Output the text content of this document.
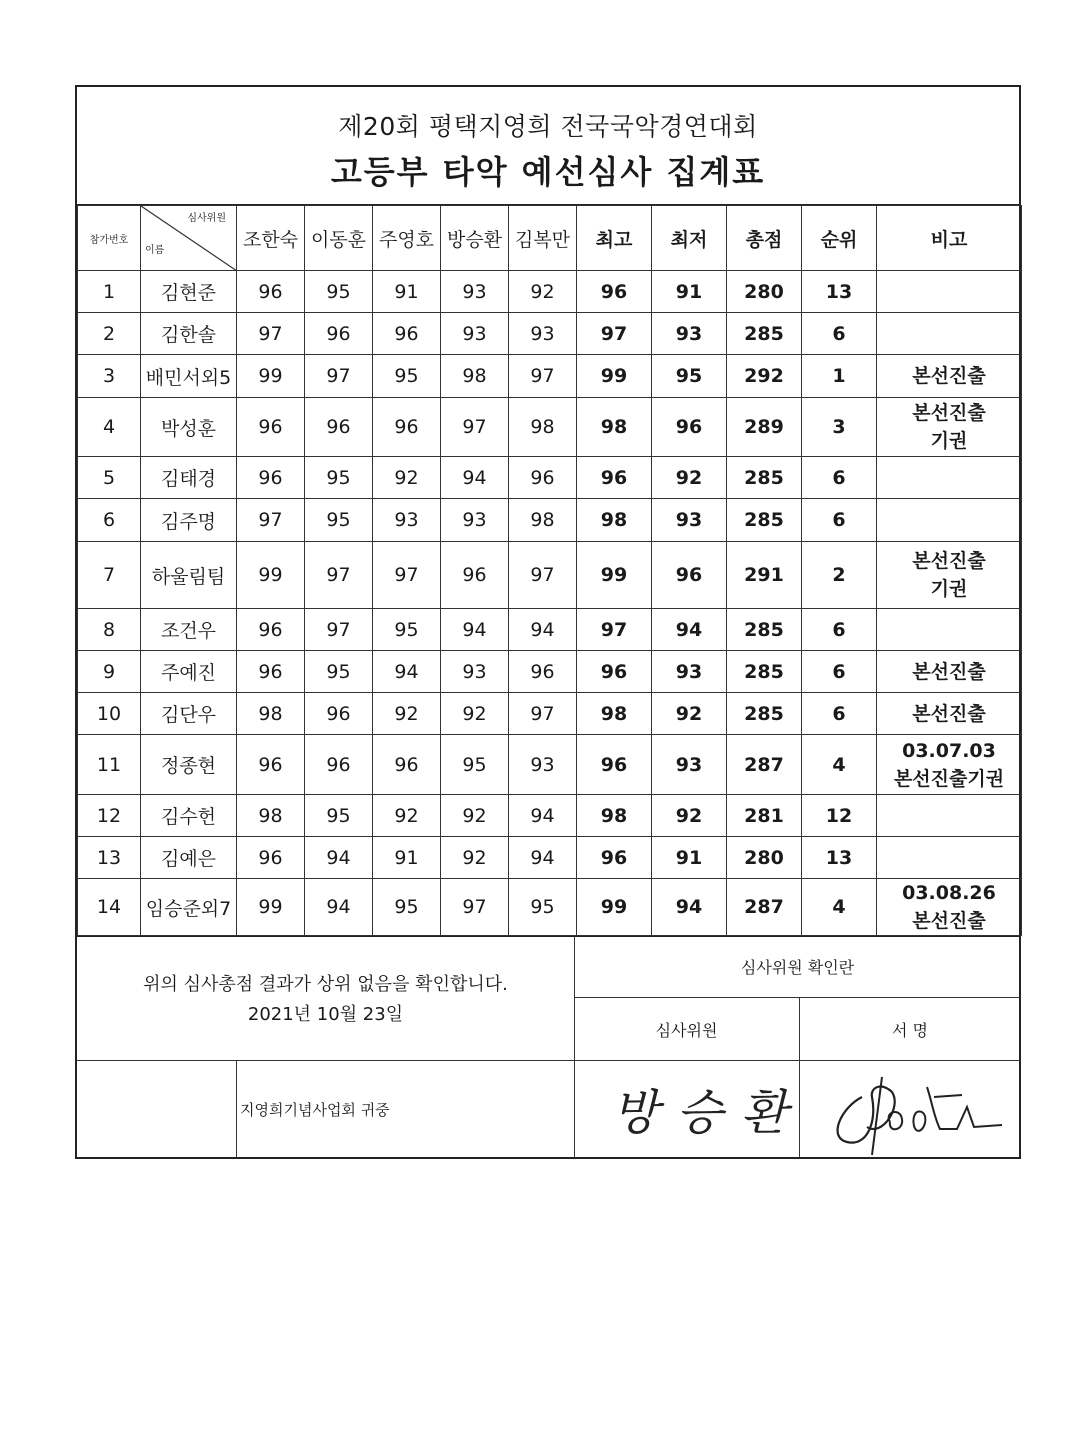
제20회 평택지영희 전국국악경연대회
고등부 타악 예선심사 집계표
참가번호	심사위원
이름	조한숙	이동훈	주영호	방승환	김복만	최고	최저	총점	순위	비고
1	김현준	96	95	91	93	92	96	91	280	13	

2	김한솔	97	96	96	93	93	97	93	285	6	

3	배민서외5	99	97	95	98	97	99	95	292	1	본선진출

4	박성훈	96	96	96	97	98	98	96	289	3	본선진출
기권

5	김태경	96	95	92	94	96	96	92	285	6	

6	김주명	97	95	93	93	98	98	93	285	6	

7	하울림팀	99	97	97	96	97	99	96	291	2	본선진출
기권

8	조건우	96	97	95	94	94	97	94	285	6	

9	주예진	96	95	94	93	96	96	93	285	6	본선진출

10	김단우	98	96	92	92	97	98	92	285	6	본선진출

11	정종현	96	96	96	95	93	96	93	287	4	03.07.03
본선진출기권

12	김수헌	98	95	92	92	94	98	92	281	12	

13	김예은	96	94	91	92	94	96	91	280	13	

14	임승준외7	99	94	95	97	95	99	94	287	4	03.08.26
본선진출
위의 심사총점 결과가 상위 없음을 확인합니다.
2021년 10월 23일
심사위원 확인란
심사위원	서 명
지영희기념사업회 귀중	방승환
